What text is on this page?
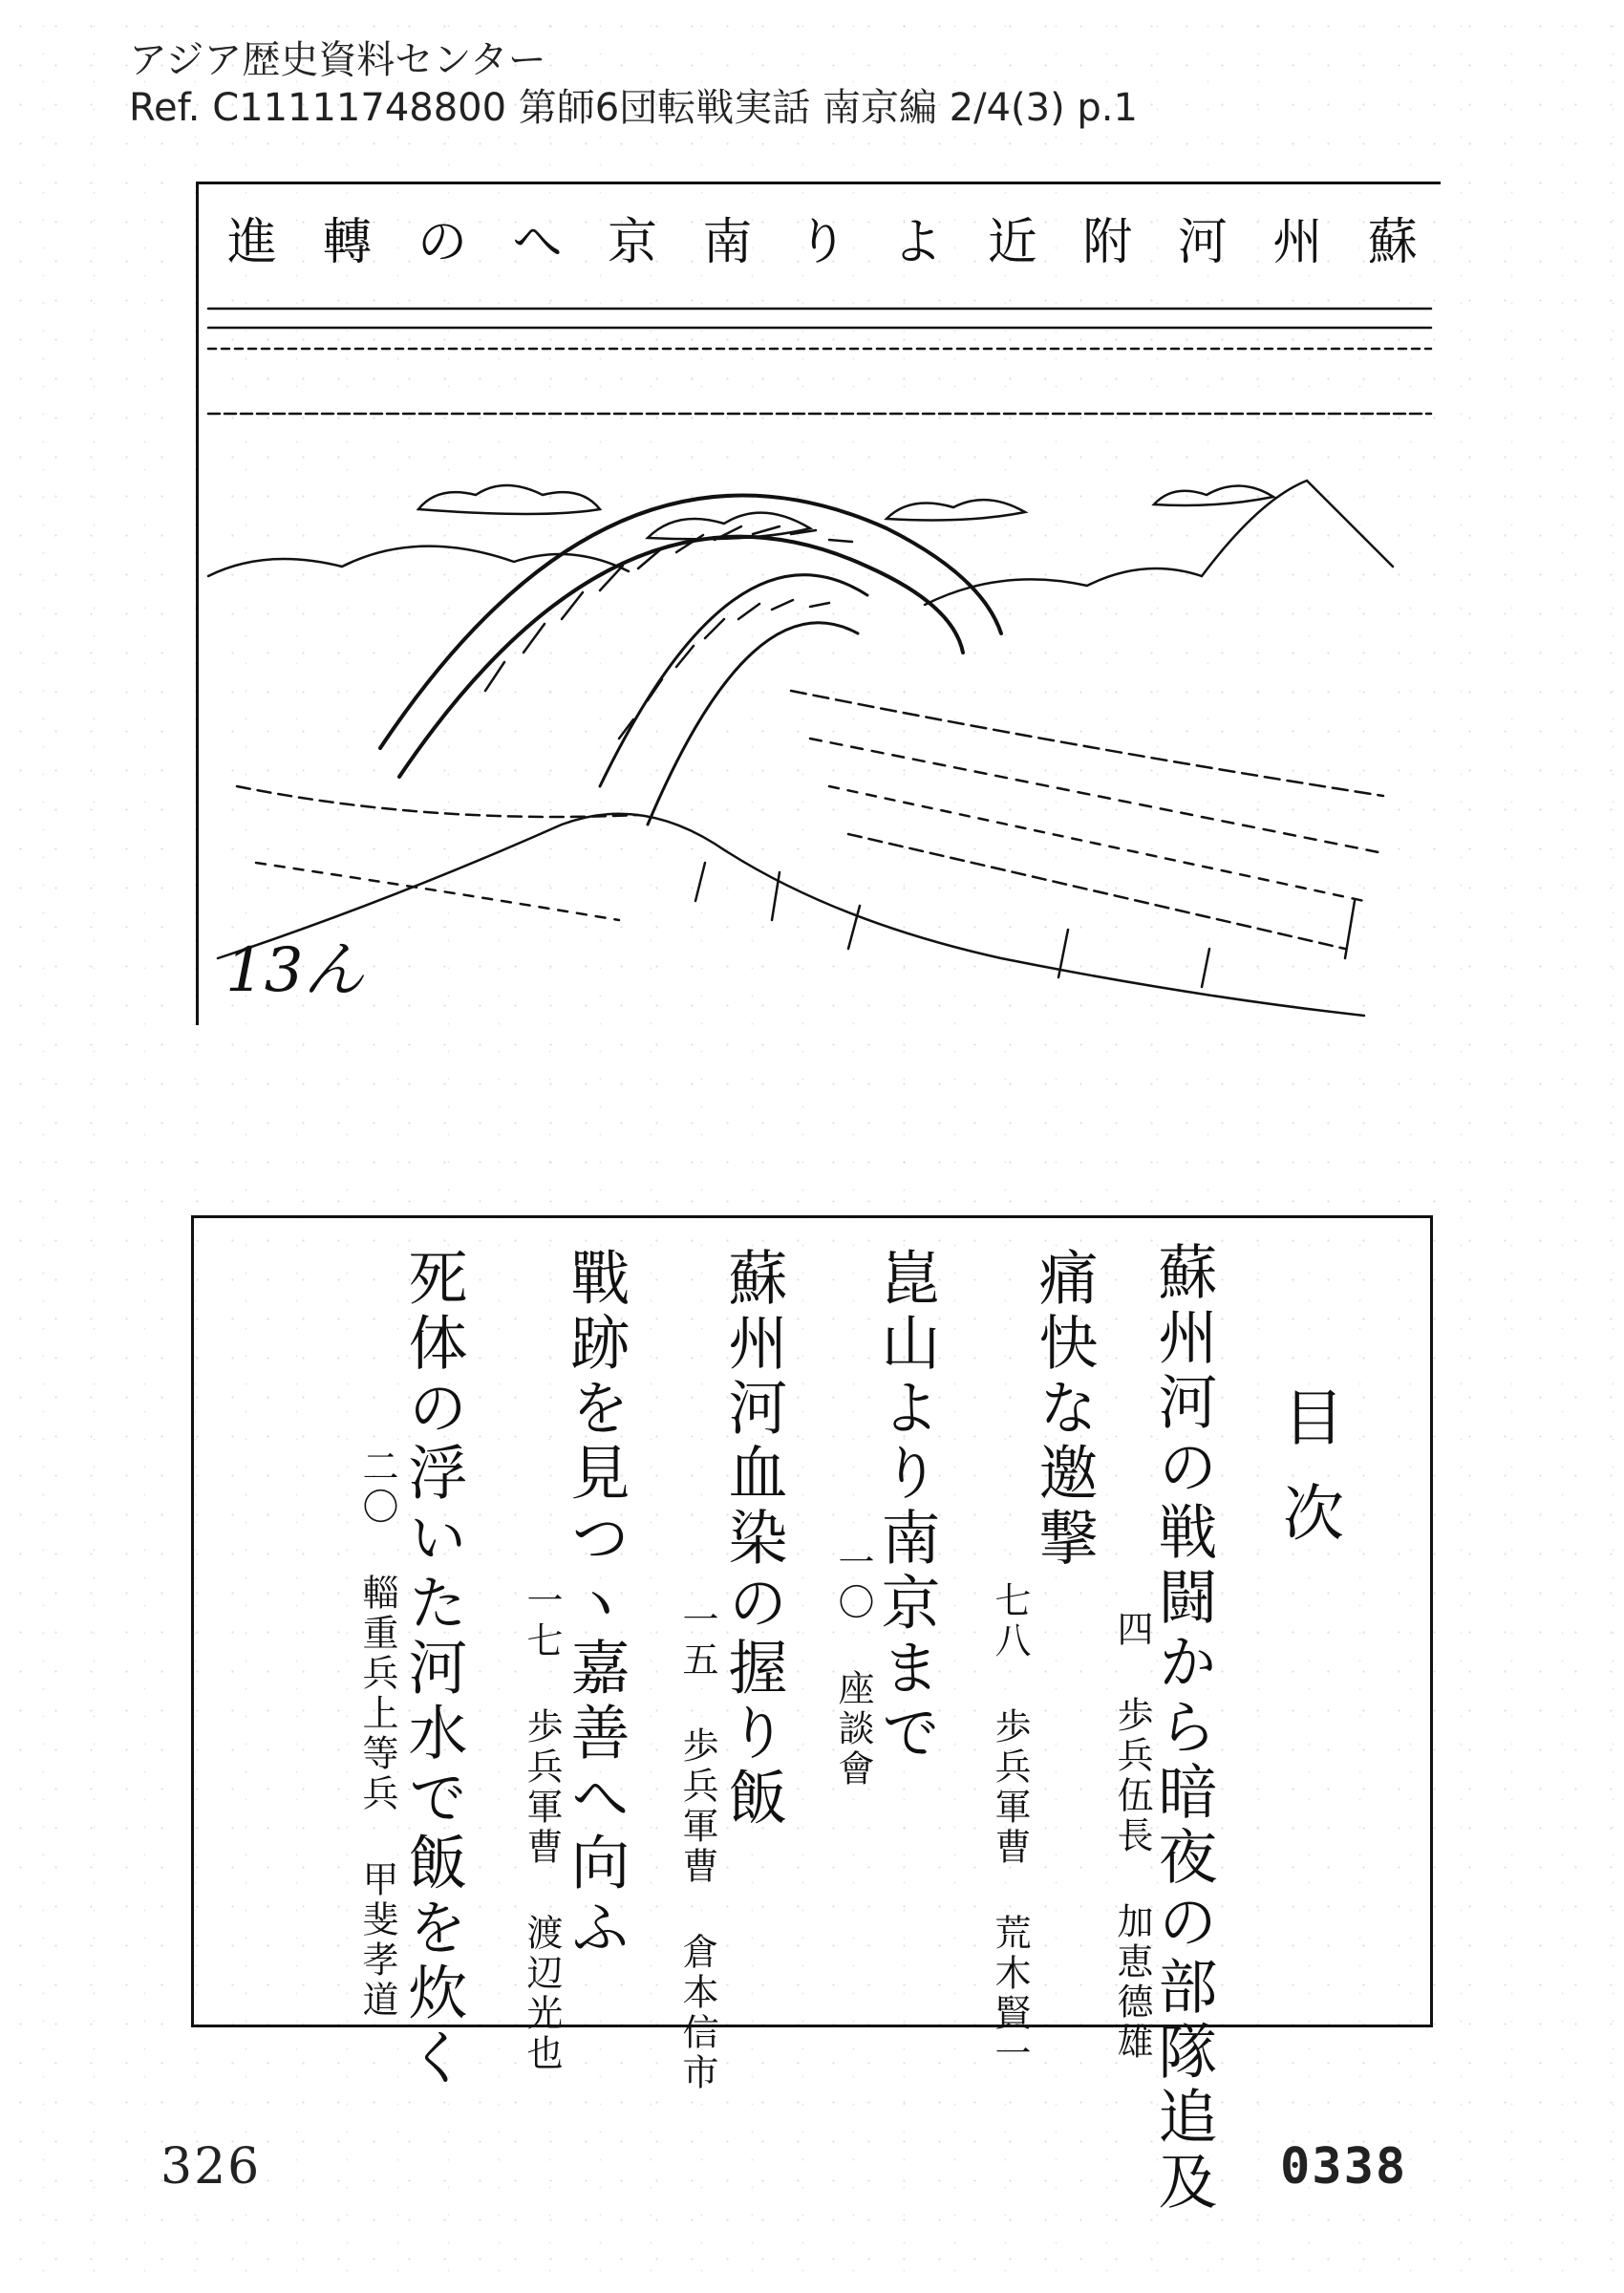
アジア歴史資料センター
Ref. C11111748800 第師6団転戦実話 南京編 2/4(3) p.1
蘇
州
河
附
近
よ
り
南
京
へ
の
轉
進
13ん
目次
蘇州河の戦闘から暗夜の部隊追及
四 歩兵伍長 加恵德雄
痛快な邀撃
七八 歩兵軍曹 荒木賢一
崑山より南京まで
一〇 座談會
蘇州河血染の握り飯
一五 歩兵軍曹 倉本信市
戰跡を見つヽ嘉善へ向ふ
一七 歩兵軍曹 渡辺光也
死体の浮いた河水で飯を炊く
二〇 輜重兵上等兵 甲斐孝道
326	0338
